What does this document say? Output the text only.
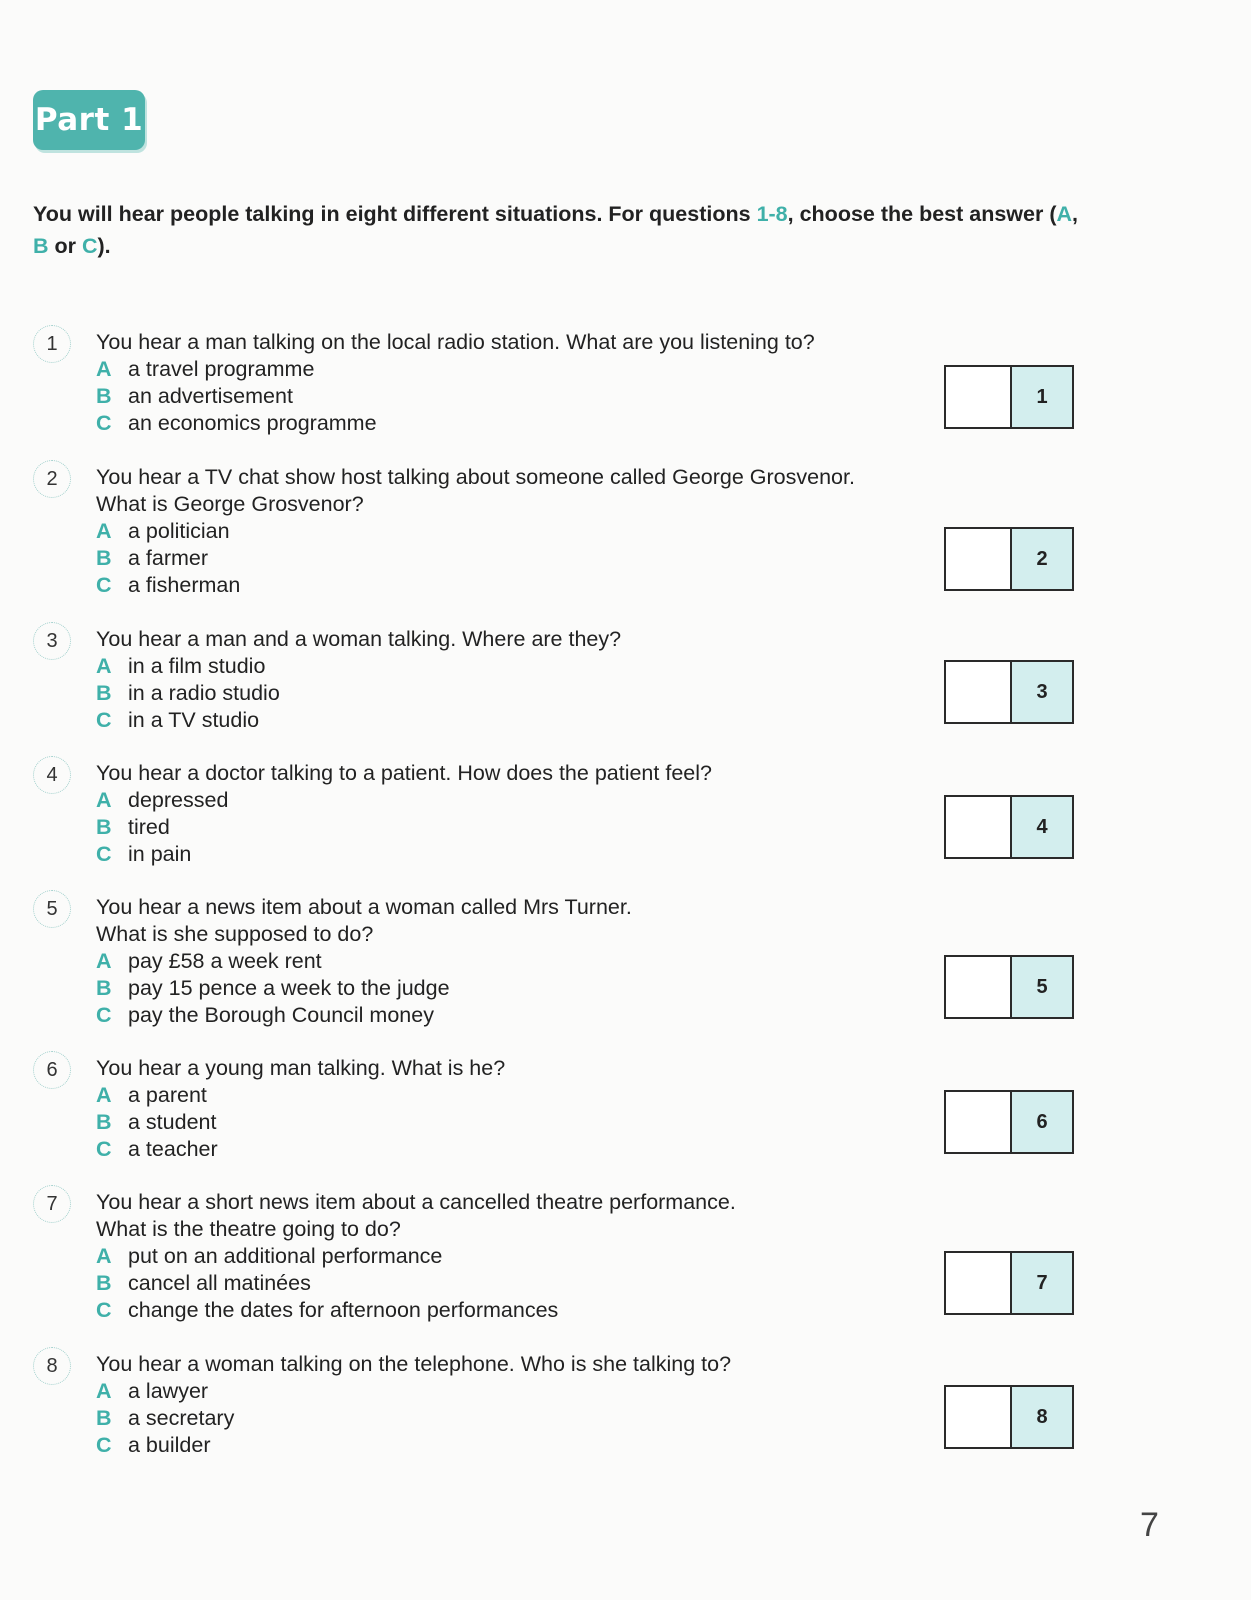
Part 1
You will hear people talking in eight different situations. For questions 1-8, choose the best answer (A, B or C).
1	You hear a man talking on the local radio station. What are you listening to?
A a travel programme
B an advertisement
C an economics programme
1
2	You hear a TV chat show host talking about someone called George Grosvenor.
What is George Grosvenor?
A a politician
B a farmer
C a fisherman
2
3	You hear a man and a woman talking. Where are they?
A in a film studio
B in a radio studio
C in a TV studio
3
4	You hear a doctor talking to a patient. How does the patient feel?
A depressed
B tired
C in pain
4
5	You hear a news item about a woman called Mrs Turner.
What is she supposed to do?
A pay £58 a week rent
B pay 15 pence a week to the judge
C pay the Borough Council money
5
6	You hear a young man talking. What is he?
A a parent
B a student
C a teacher
6
7	You hear a short news item about a cancelled theatre performance.
What is the theatre going to do?
A put on an additional performance
B cancel all matinées
C change the dates for afternoon performances
7
8	You hear a woman talking on the telephone. Who is she talking to?
A a lawyer
B a secretary
C a builder
8
7
